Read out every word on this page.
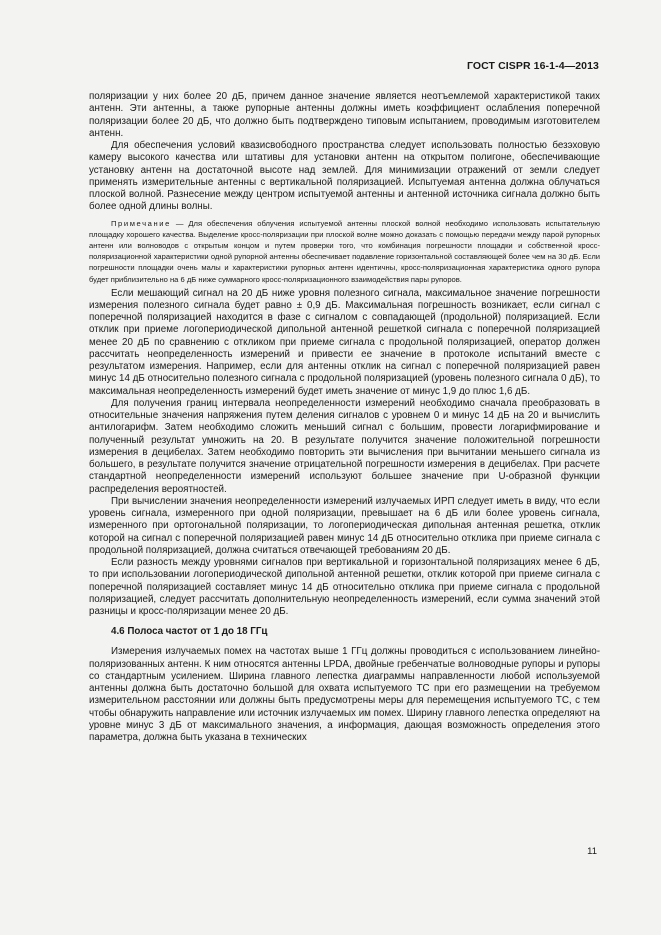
ГОСТ CISPR 16-1-4—2013

поляризации у них более 20 дБ, причем данное значение является неотъемлемой характеристикой таких антенн. Эти антенны, а также рупорные антенны должны иметь коэффициент ослабления поперечной поляризации более 20 дБ, что должно быть подтверждено типовым испытанием, проводимым изготовителем антенн.

Для обеспечения условий квазисвободного пространства следует использовать полностью безэховую камеру высокого качества или штативы для установки антенн на открытом полигоне, обеспечивающие установку антенн на достаточной высоте над землей. Для минимизации отражений от земли следует применять измерительные антенны с вертикальной поляризацией. Испытуемая антенна должна облучаться плоской волной. Разнесение между центром испытуемой антенны и антенной источника сигнала должно быть более одной длины волны.

Примечание — Для обеспечения облучения испытуемой антенны плоской волной необходимо использовать испытательную площадку хорошего качества. Выделение кросс-поляризации при плоской волне можно доказать с помощью передачи между парой рупорных антенн или волноводов с открытым концом и путем проверки того, что комбинация погрешности площадки и собственной кросс-поляризационной характеристики одной рупорной антенны обеспечивает подавление горизонтальной составляющей более чем на 30 дБ. Если погрешности площадки очень малы и характеристики рупорных антенн идентичны, кросс-поляризационная характеристика одного рупора будет приблизительно на 6 дБ ниже суммарного кросс-поляризационного взаимодействия пары рупоров.

Если мешающий сигнал на 20 дБ ниже уровня полезного сигнала, максимальное значение погрешности измерения полезного сигнала будет равно ± 0,9 дБ. Максимальная погрешность возникает, если сигнал с поперечной поляризацией находится в фазе с сигналом с совпадающей (продольной) поляризацией. Если отклик при приеме логопериодической дипольной антенной решеткой сигнала с поперечной поляризацией менее 20 дБ по сравнению с откликом при приеме сигнала с продольной поляризацией, оператор должен рассчитать неопределенность измерений и привести ее значение в протоколе испытаний вместе с результатом измерения. Например, если для антенны отклик на сигнал с поперечной поляризацией равен минус 14 дБ относительно полезного сигнала с продольной поляризацией (уровень полезного сигнала 0 дБ), то максимальная неопределенность измерений будет иметь значение от минус 1,9 до плюс 1,6 дБ.

Для получения границ интервала неопределенности измерений необходимо сначала преобразовать в относительные значения напряжения путем деления сигналов с уровнем 0 и минус 14 дБ на 20 и вычислить антилогарифм. Затем необходимо сложить меньший сигнал с большим, провести логарифмирование и полученный результат умножить на 20. В результате получится значение положительной погрешности измерения в децибелах. Затем необходимо повторить эти вычисления при вычитании меньшего сигнала из большего, в результате получится значение отрицательной погрешности измерения в децибелах. При расчете стандартной неопределенности измерений используют большее значение при U-образной функции распределения вероятностей.

При вычислении значения неопределенности измерений излучаемых ИРП следует иметь в виду, что если уровень сигнала, измеренного при одной поляризации, превышает на 6 дБ или более уровень сигнала, измеренного при ортогональной поляризации, то логопериодическая дипольная антенная решетка, отклик которой на сигнал с поперечной поляризацией равен минус 14 дБ относительно отклика при приеме сигнала с продольной поляризацией, должна считаться отвечающей требованиям 20 дБ.

Если разность между уровнями сигналов при вертикальной и горизонтальной поляризациях менее 6 дБ, то при использовании логопериодической дипольной антенной решетки, отклик которой при приеме сигнала с поперечной поляризацией составляет минус 14 дБ относительно отклика при приеме сигнала с продольной поляризацией, следует рассчитать дополнительную неопределенность измерений, если сумма значений этой разницы и кросс-поляризации менее 20 дБ.

4.6 Полоса частот от 1 до 18 ГГц

Измерения излучаемых помех на частотах выше 1 ГГц должны проводиться с использованием линейно-поляризованных антенн. К ним относятся антенны LPDA, двойные гребенчатые волноводные рупоры и рупоры со стандартным усилением. Ширина главного лепестка диаграммы направленности любой используемой антенны должна быть достаточно большой для охвата испытуемого ТС при его размещении на требуемом измерительном расстоянии или должны быть предусмотрены меры для перемещения испытуемого ТС, с тем чтобы обнаружить направление или источник излучаемых им помех. Ширину главного лепестка определяют на уровне минус 3 дБ от максимального значения, а информация, дающая возможность определения этого параметра, должна быть указана в технических

11
